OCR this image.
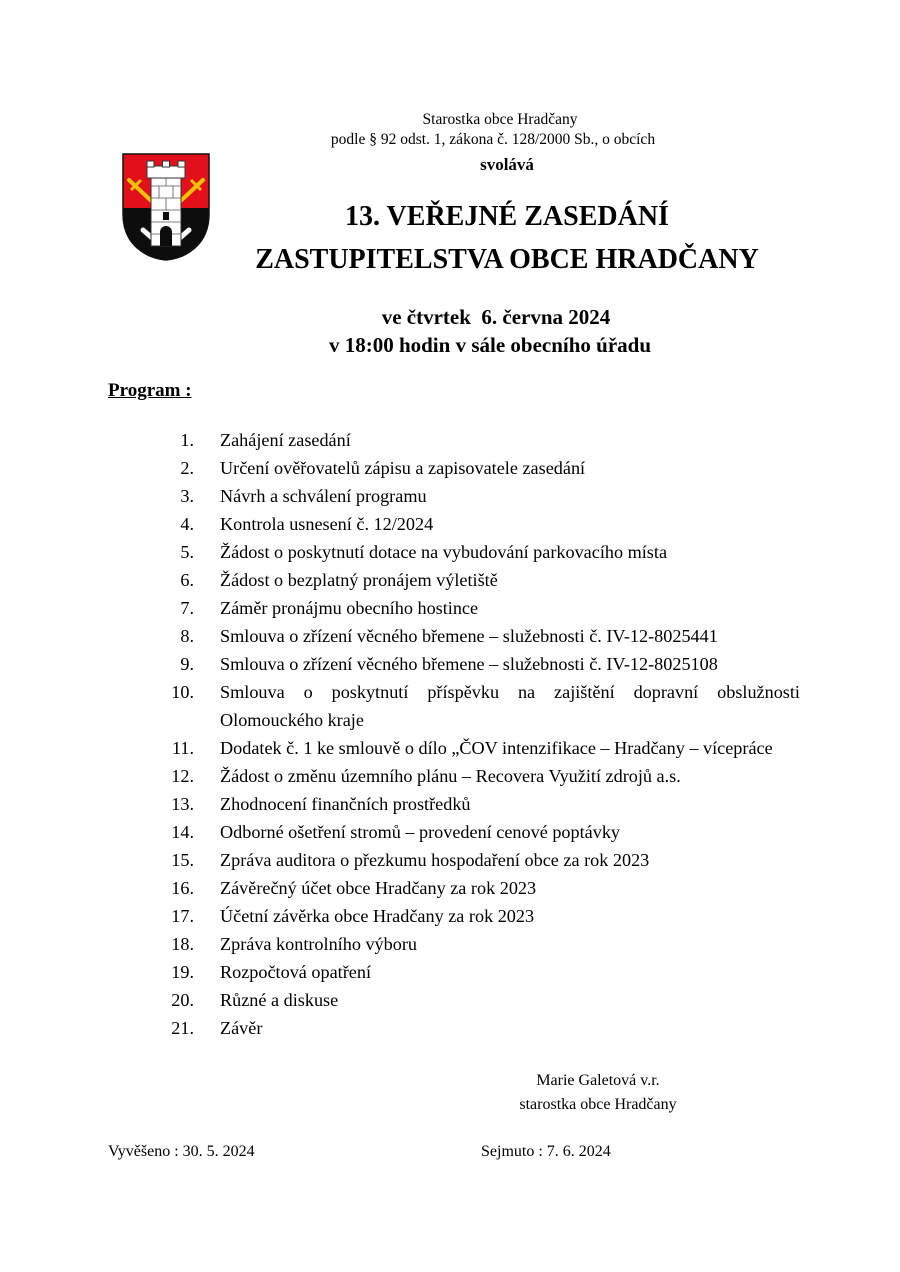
Starostka obce Hradčany
podle § 92 odst. 1, zákona č. 128/2000 Sb., o obcích
svolává
13. VEŘEJNÉ ZASEDÁNÍ
ZASTUPITELSTVA OBCE HRADČANY
ve čtvrtek  6. června 2024
v 18:00 hodin v sále obecního úřadu
Program :
1. Zahájení zasedání
2. Určení ověřovatelů zápisu a zapisovatele zasedání
3. Návrh a schválení programu
4. Kontrola usnesení č. 12/2024
5. Žádost o poskytnutí dotace na vybudování parkovacího místa
6. Žádost o bezplatný pronájem výletiště
7. Záměr pronájmu obecního hostince
8. Smlouva o zřízení věcného břemene – služebnosti č. IV-12-8025441
9. Smlouva o zřízení věcného břemene – služebnosti č. IV-12-8025108
10. Smlouva o poskytnutí příspěvku na zajištění dopravní obslužnosti Olomouckého kraje
11. Dodatek č. 1 ke smlouvě o dílo „ČOV intenzifikace – Hradčany – vícepráce
12. Žádost o změnu územního plánu – Recovera Využití zdrojů a.s.
13. Zhodnocení finančních prostředků
14. Odborné ošetření stromů – provedení cenové poptávky
15. Zpráva auditora o přezkumu hospodaření obce za rok 2023
16. Závěrečný účet obce Hradčany za rok 2023
17. Účetní závěrka obce Hradčany za rok 2023
18. Zpráva kontrolního výboru
19. Rozpočtová opatření
20. Různé a diskuse
21. Závěr
Marie Galetová v.r.
starostka obce Hradčany
Vyvěšeno : 30. 5. 2024	Sejmuto : 7. 6. 2024
